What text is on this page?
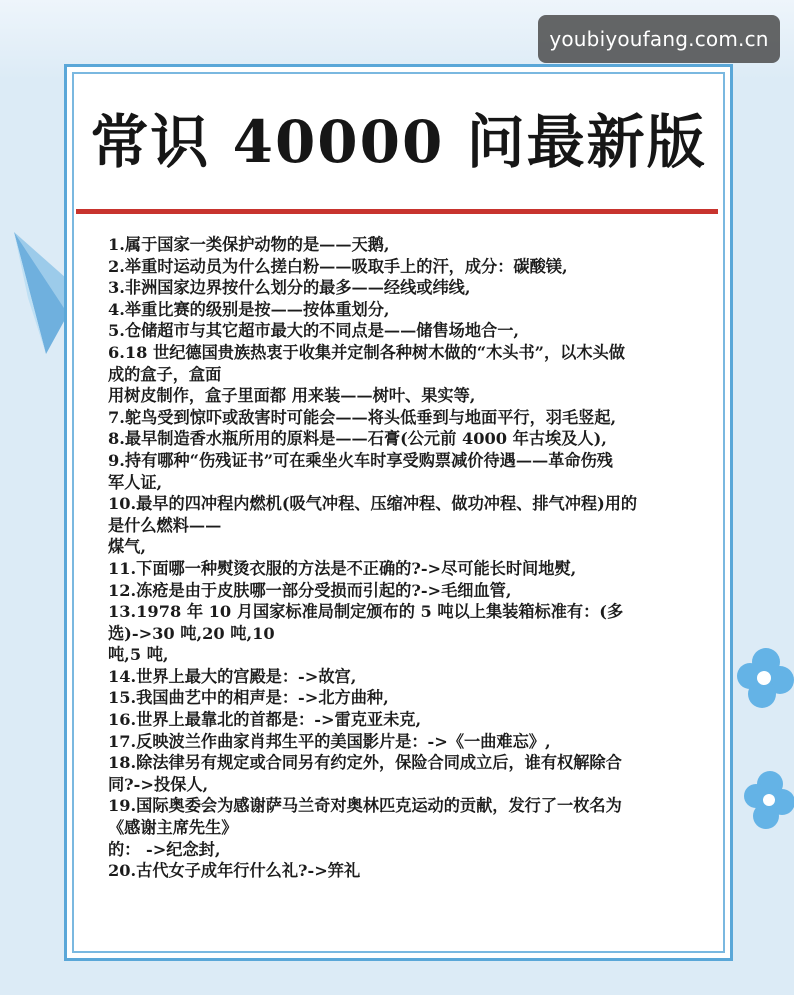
youbiyoufang.com.cn
常识 40000 问最新版

1.属于国家一类保护动物的是——天鹅,

2.举重时运动员为什么搓白粉——吸取手上的汗，成分：碳酸镁,

3.非洲国家边界按什么划分的最多——经线或纬线,

4.举重比赛的级别是按——按体重划分,

5.仓储超市与其它超市最大的不同点是——储售场地合一,

6.18 世纪德国贵族热衷于收集并定制各种树木做的“木头书”，以木头做

成的盒子，盒面

用树皮制作，盒子里面都 用来装——树叶、果实等,

7.鸵鸟受到惊吓或敌害时可能会——将头低垂到与地面平行，羽毛竖起,

8.最早制造香水瓶所用的原料是——石膏(公元前 4000 年古埃及人),

9.持有哪种“伤残证书”可在乘坐火车时享受购票减价待遇——革命伤残

军人证,

10.最早的四冲程内燃机(吸气冲程、压缩冲程、做功冲程、排气冲程)用的

是什么燃料——

煤气,

11.下面哪一种熨烫衣服的方法是不正确的?->尽可能长时间地熨,

12.冻疮是由于皮肤哪一部分受损而引起的?->毛细血管,

13.1978 年 10 月国家标准局制定颁布的 5 吨以上集装箱标准有：(多

选)->30 吨,20 吨,10

吨,5 吨,

14.世界上最大的宫殿是：->故宫,

15.我国曲艺中的相声是：->北方曲种,

16.世界上最靠北的首都是：->雷克亚未克,

17.反映波兰作曲家肖邦生平的美国影片是：->《一曲难忘》,

18.除法律另有规定或合同另有约定外，保险合同成立后，谁有权解除合

同?->投保人,

19.国际奥委会为感谢萨马兰奇对奥林匹克运动的贡献，发行了一枚名为

《感谢主席先生》

的： ->纪念封,

20.古代女子成年行什么礼?->笄礼
